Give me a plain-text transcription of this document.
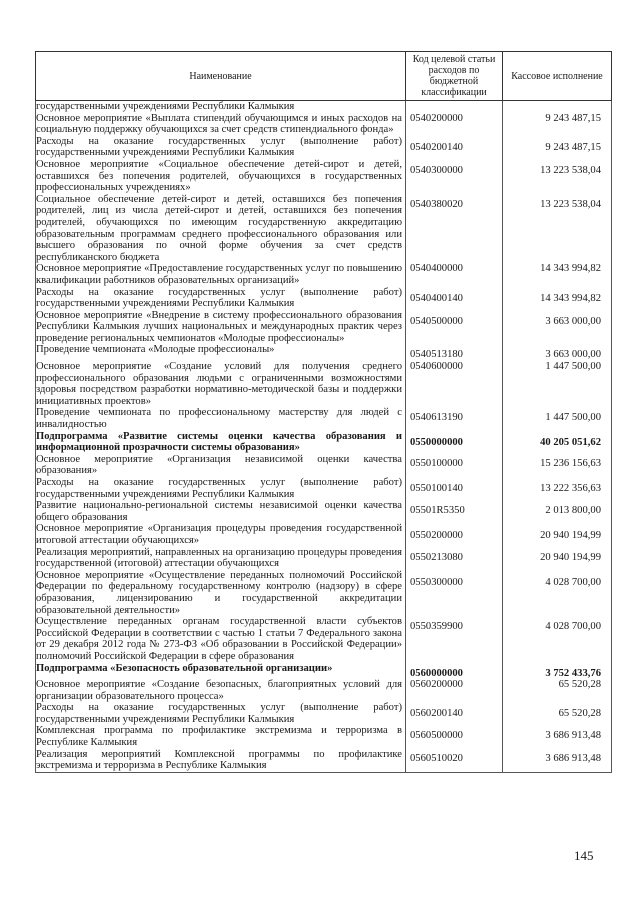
Наименование	Код целевой статьи расходов по бюджетной классификации	Кассовое исполнение
государственными учреждениями Республики Калмыкия		
Основное мероприятие «Выплата стипендий обучающимся и иных расходов на социальную поддержку обучающихся за счет средств стипендиального фонда»	0540200000	9 243 487,15
Расходы на оказание государственных услуг (выполнение работ) государственными учреждениями Республики Калмыкия	0540200140	9 243 487,15
Основное мероприятие «Социальное обеспечение детей-сирот и детей, оставшихся без попечения родителей, обучающихся в государственных профессиональных учреждениях»	0540300000	13 223 538,04
Социальное обеспечение детей-сирот и детей, оставшихся без попечения родителей, лиц из числа детей-сирот и детей, оставшихся без попечения родителей, обучающихся по имеющим государственную аккредитацию образовательным программам среднего профессионального образования или высшего образования по очной форме обучения за счет средств республиканского бюджета	0540380020	13 223 538,04
Основное мероприятие «Предоставление государственных услуг по повышению квалификации работников образовательных организаций»	0540400000	14 343 994,82
Расходы на оказание государственных услуг (выполнение работ) государственными учреждениями Республики Калмыкия	0540400140	14 343 994,82
Основное мероприятие «Внедрение в систему профессионального образования Республики Калмыкия лучших национальных и международных практик через проведение региональных чемпионатов «Молодые профессионалы»	0540500000	3 663 000,00
Проведение чемпионата «Молодые профессионалы»	0540513180	3 663 000,00
Основное мероприятие «Создание условий для получения среднего профессионального образования людьми с ограниченными возможностями здоровья посредством разработки нормативно-методической базы и поддержки инициативных проектов»	0540600000	1 447 500,00
Проведение чемпионата по профессиональному мастерству для людей с инвалидностью	0540613190	1 447 500,00
Подпрограмма «Развитие системы оценки качества образования и информационной прозрачности системы образования»	0550000000	40 205 051,62
Основное мероприятие «Организация независимой оценки качества образования»	0550100000	15 236 156,63
Расходы на оказание государственных услуг (выполнение работ) государственными учреждениями Республики Калмыкия	0550100140	13 222 356,63
Развитие национально-региональной системы независимой оценки качества общего образования	05501R5350	2 013 800,00
Основное мероприятие «Организация процедуры проведения государственной итоговой аттестации обучающихся»	0550200000	20 940 194,99
Реализация мероприятий, направленных на организацию процедуры проведения государственной (итоговой) аттестации обучающихся	0550213080	20 940 194,99
Основное мероприятие «Осуществление переданных полномочий Российской Федерации по федеральному государственному контролю (надзору) в сфере образования, лицензированию и государственной аккредитации образовательной деятельности»	0550300000	4 028 700,00
Осуществление переданных органам государственной власти субъектов Российской Федерации в соответствии с частью 1 статьи 7 Федерального закона от 29 декабря 2012 года № 273-ФЗ «Об образовании в Российской Федерации» полномочий Российской Федерации в сфере образования	0550359900	4 028 700,00
Подпрограмма «Безопасность образовательной организации»	0560000000	3 752 433,76
Основное мероприятие «Создание безопасных, благоприятных условий для организации образовательного процесса»	0560200000	65 520,28
Расходы на оказание государственных услуг (выполнение работ) государственными учреждениями Республики Калмыкия	0560200140	65 520,28
Комплексная программа по профилактике экстремизма и терроризма в Республике Калмыкия	0560500000	3 686 913,48
Реализация мероприятий Комплексной программы по профилактике экстремизма и терроризма в Республике Калмыкия	0560510020	3 686 913,48
145
